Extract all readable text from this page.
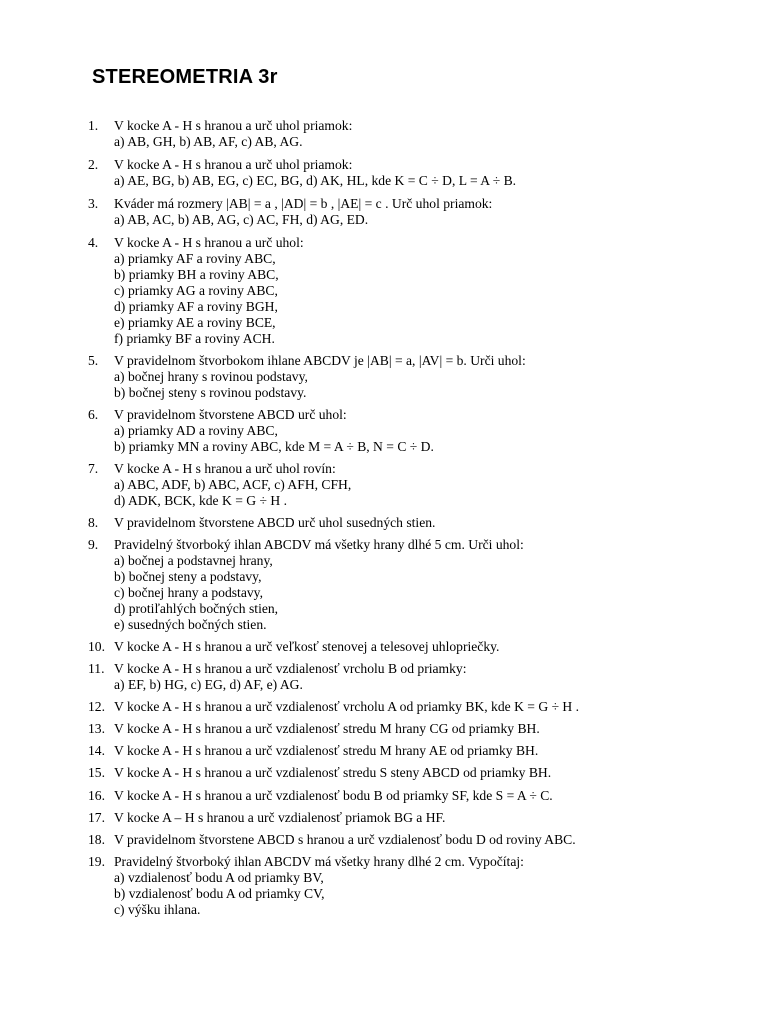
STEREOMETRIA 3r
1. V kocke A - H s hranou a urč uhol priamok:
a) AB, GH, b) AB, AF, c) AB, AG.
2. V kocke A - H s hranou a urč uhol priamok:
a) AE, BG, b) AB, EG, c) EC, BG, d) AK, HL, kde K = C ÷ D, L = A ÷ B.
3. Kváder má rozmery |AB| = a , |AD| = b , |AE| = c . Urč uhol priamok:
a) AB, AC, b) AB, AG, c) AC, FH, d) AG, ED.
4. V kocke A - H s hranou a urč uhol:
a) priamky AF a roviny ABC,
b) priamky BH a roviny ABC,
c) priamky AG a roviny ABC,
d) priamky AF a roviny BGH,
e) priamky AE a roviny BCE,
f) priamky BF a roviny ACH.
5. V pravidelnom štvorbokom ihlane ABCDV je |AB| = a, |AV| = b. Urči uhol:
a) bočnej hrany s rovinou podstavy,
b) bočnej steny s rovinou podstavy.
6. V pravidelnom štvorstene ABCD urč uhol:
a) priamky AD a roviny ABC,
b) priamky MN a roviny ABC, kde M = A ÷ B, N = C ÷ D.
7. V kocke A - H s hranou a urč uhol rovín:
a) ABC, ADF, b) ABC, ACF, c) AFH, CFH,
d) ADK, BCK, kde K = G ÷ H .
8. V pravidelnom štvorstene ABCD urč uhol susedných stien.
9. Pravidelný štvorboký ihlan ABCDV má všetky hrany dlhé 5 cm. Urči uhol:
a) bočnej a podstavnej hrany,
b) bočnej steny a podstavy,
c) bočnej hrany a podstavy,
d) protiľahlých bočných stien,
e) susedných bočných stien.
10. V kocke A - H s hranou a urč veľkosť stenovej a telesovej uhlopriečky.
11. V kocke A - H s hranou a urč vzdialenosť vrcholu B od priamky:
a) EF, b) HG, c) EG, d) AF, e) AG.
12. V kocke A - H s hranou a urč vzdialenosť vrcholu A od priamky BK, kde K = G ÷ H .
13. V kocke A - H s hranou a urč vzdialenosť stredu M hrany CG od priamky BH.
14. V kocke A - H s hranou a urč vzdialenosť stredu M hrany AE od priamky BH.
15. V kocke A - H s hranou a urč vzdialenosť stredu S steny ABCD od priamky BH.
16. V kocke A - H s hranou a urč vzdialenosť bodu B od priamky SF, kde S = A ÷ C.
17. V kocke A – H s hranou a urč vzdialenosť priamok BG a HF.
18. V pravidelnom štvorstene ABCD s hranou a urč vzdialenosť bodu D od roviny ABC.
19. Pravidelný štvorboký ihlan ABCDV má všetky hrany dlhé 2 cm. Vypočítaj:
a) vzdialenosť bodu A od priamky BV,
b) vzdialenosť bodu A od priamky CV,
c) výšku ihlana.
